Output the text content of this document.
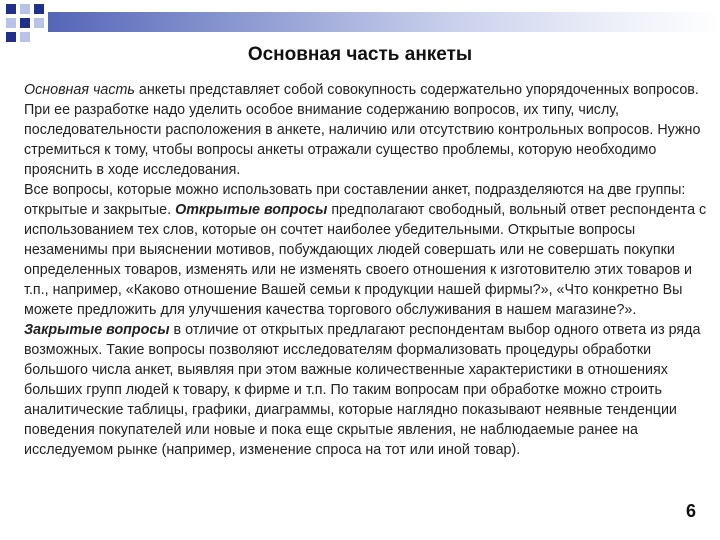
Основная часть анкеты

Основная часть анкеты представляет собой совокупность содержательно упорядоченных вопросов. При ее разработке надо уделить особое внимание содержанию вопросов, их типу, числу, последовательности расположения в анкете, наличию или отсутствию контрольных вопросов. Нужно стремиться к тому, чтобы вопросы анкеты отражали существо проблемы, которую необходимо прояснить в ходе исследования.

Все вопросы, которые можно использовать при составлении анкет, подразделяются на две группы: открытые и закрытые. Открытые вопросы предполагают свободный, вольный ответ респондента с использованием тех слов, которые он сочтет наиболее убедительными. Открытые вопросы незаменимы при выяснении мотивов, побуждающих людей совершать или не совершать покупки определенных товаров, изменять или не изменять своего отношения к изготовителю этих товаров и т.п., например, «Каково отношение Вашей семьи к продукции нашей фирмы?», «Что конкретно Вы можете предложить для улучшения качества торгового обслуживания в нашем магазине?».

Закрытые вопросы в отличие от открытых предлагают респондентам выбор одного ответа из ряда возможных. Такие вопросы позволяют исследователям формализовать процедуры обработки большого числа анкет, выявляя при этом важные количественные характеристики в отношениях больших групп людей к товару, к фирме и т.п. По таким вопросам при обработке можно строить аналитические таблицы, графики, диаграммы, которые наглядно показывают неявные тенденции поведения покупателей или новые и пока еще скрытые явления, не наблюдаемые ранее на исследуемом рынке (например, изменение спроса на тот или иной товар).

6
